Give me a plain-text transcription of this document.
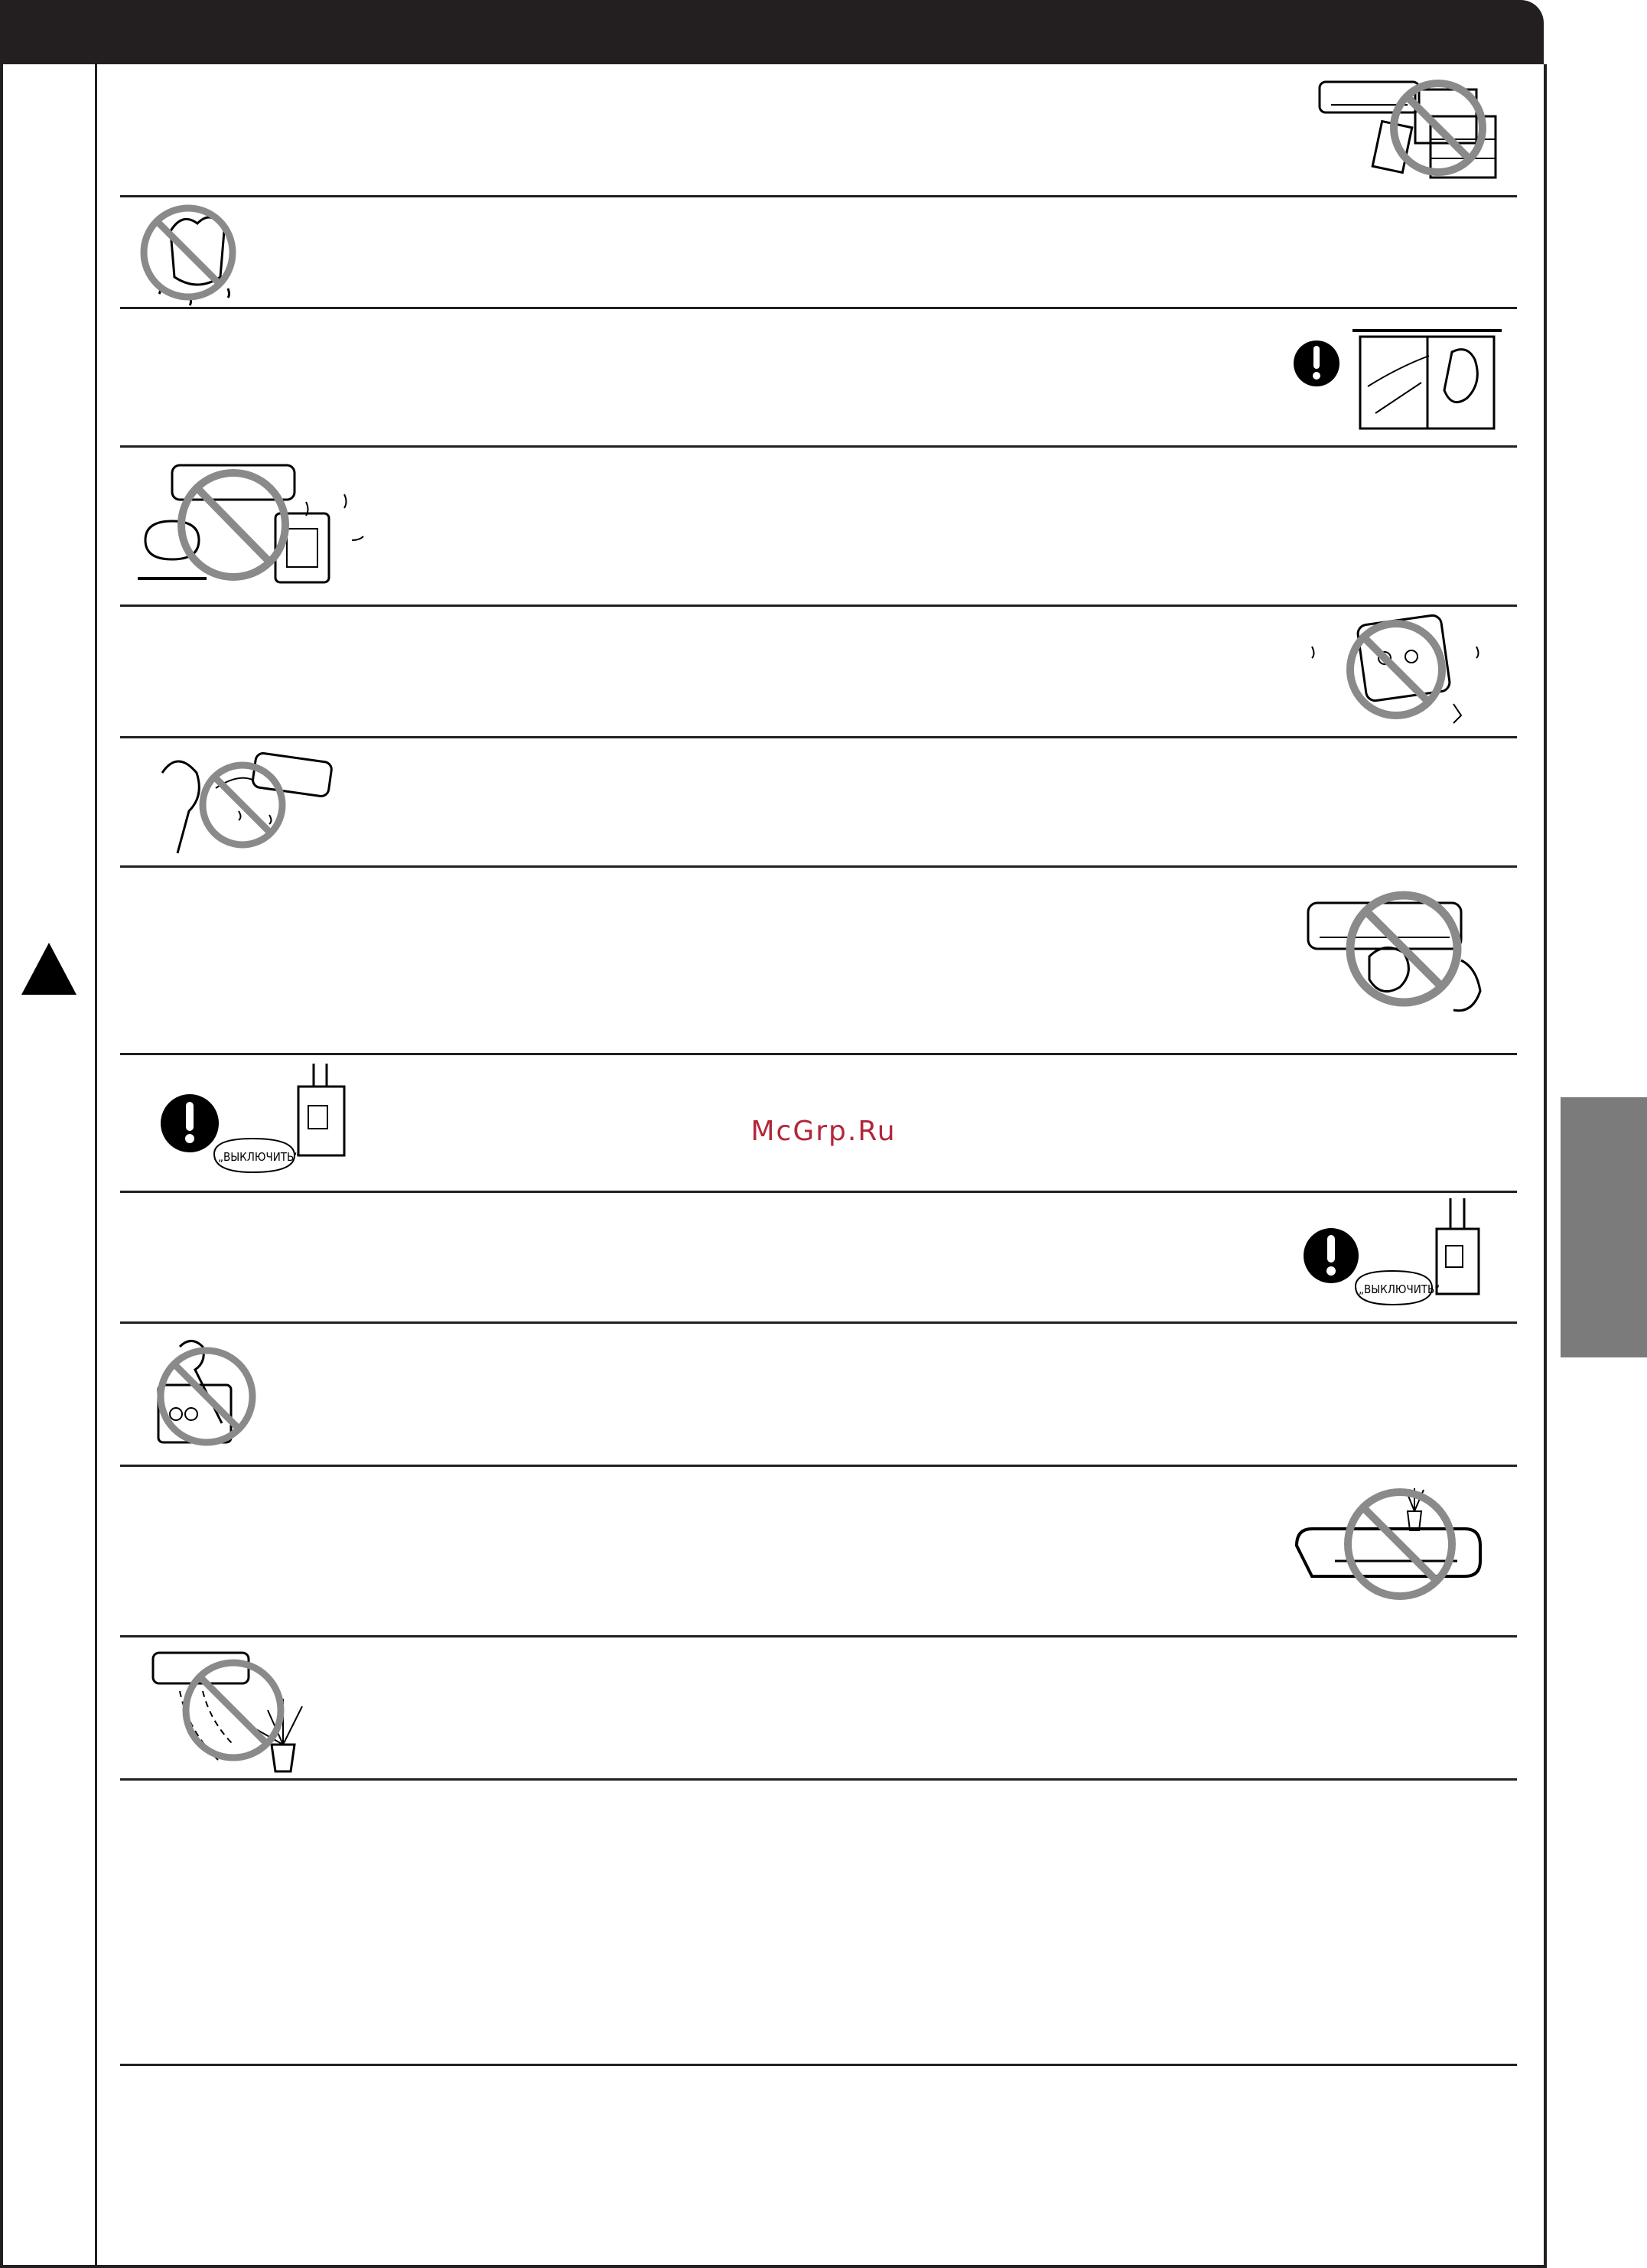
„ВЫКЛЮЧИТЬ“
McGrp.Ru
„ВЫКЛЮЧИТЬ“
